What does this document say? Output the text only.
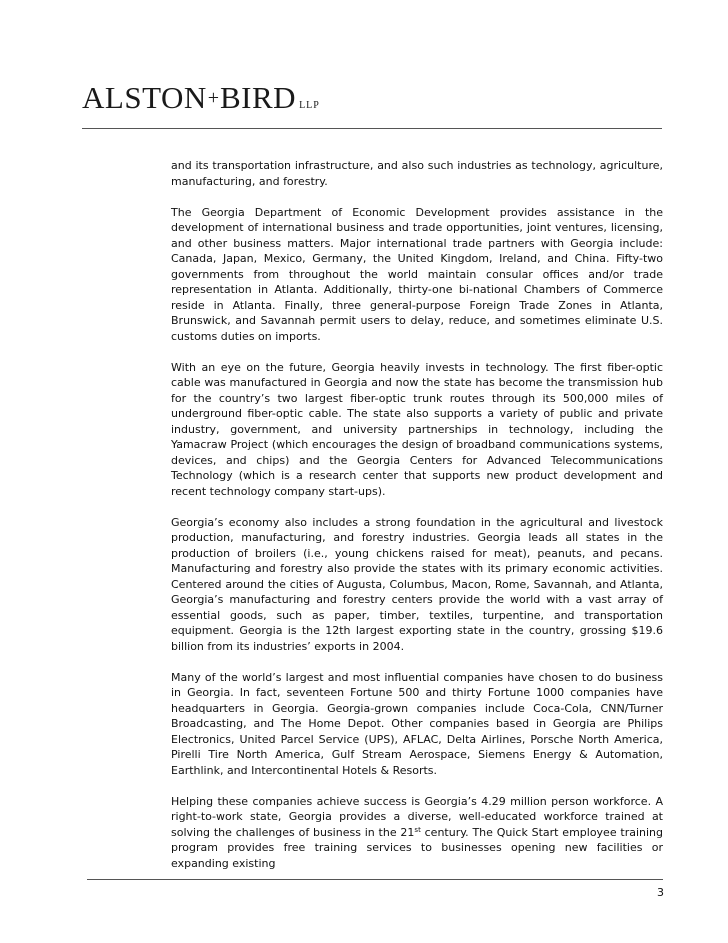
ALSTON+BIRD LLP

and its transportation infrastructure, and also such industries as technology, agriculture, manufacturing, and forestry.

The Georgia Department of Economic Development provides assistance in the development of international business and trade opportunities, joint ventures, licensing, and other business matters. Major international trade partners with Georgia include: Canada, Japan, Mexico, Germany, the United Kingdom, Ireland, and China. Fifty-two governments from throughout the world maintain consular offices and/or trade representation in Atlanta. Additionally, thirty-one bi-national Chambers of Commerce reside in Atlanta. Finally, three general-purpose Foreign Trade Zones in Atlanta, Brunswick, and Savannah permit users to delay, reduce, and sometimes eliminate U.S. customs duties on imports.

With an eye on the future, Georgia heavily invests in technology. The first fiber-optic cable was manufactured in Georgia and now the state has become the transmission hub for the country’s two largest fiber-optic trunk routes through its 500,000 miles of underground fiber-optic cable. The state also supports a variety of public and private industry, government, and university partnerships in technology, including the Yamacraw Project (which encourages the design of broadband communications systems, devices, and chips) and the Georgia Centers for Advanced Telecommunications Technology (which is a research center that supports new product development and recent technology company start-ups).

Georgia’s economy also includes a strong foundation in the agricultural and livestock production, manufacturing, and forestry industries. Georgia leads all states in the production of broilers (i.e., young chickens raised for meat), peanuts, and pecans. Manufacturing and forestry also provide the states with its primary economic activities. Centered around the cities of Augusta, Columbus, Macon, Rome, Savannah, and Atlanta, Georgia’s manufacturing and forestry centers provide the world with a vast array of essential goods, such as paper, timber, textiles, turpentine, and transportation equipment. Georgia is the 12th largest exporting state in the country, grossing $19.6 billion from its industries’ exports in 2004.

Many of the world’s largest and most influential companies have chosen to do business in Georgia. In fact, seventeen Fortune 500 and thirty Fortune 1000 companies have headquarters in Georgia. Georgia-grown companies include Coca-Cola, CNN/Turner Broadcasting, and The Home Depot. Other companies based in Georgia are Philips Electronics, United Parcel Service (UPS), AFLAC, Delta Airlines, Porsche North America, Pirelli Tire North America, Gulf Stream Aerospace, Siemens Energy & Automation, Earthlink, and Intercontinental Hotels & Resorts.

Helping these companies achieve success is Georgia’s 4.29 million person workforce. A right-to-work state, Georgia provides a diverse, well-educated workforce trained at solving the challenges of business in the 21st century. The Quick Start employee training program provides free training services to businesses opening new facilities or expanding existing

3
